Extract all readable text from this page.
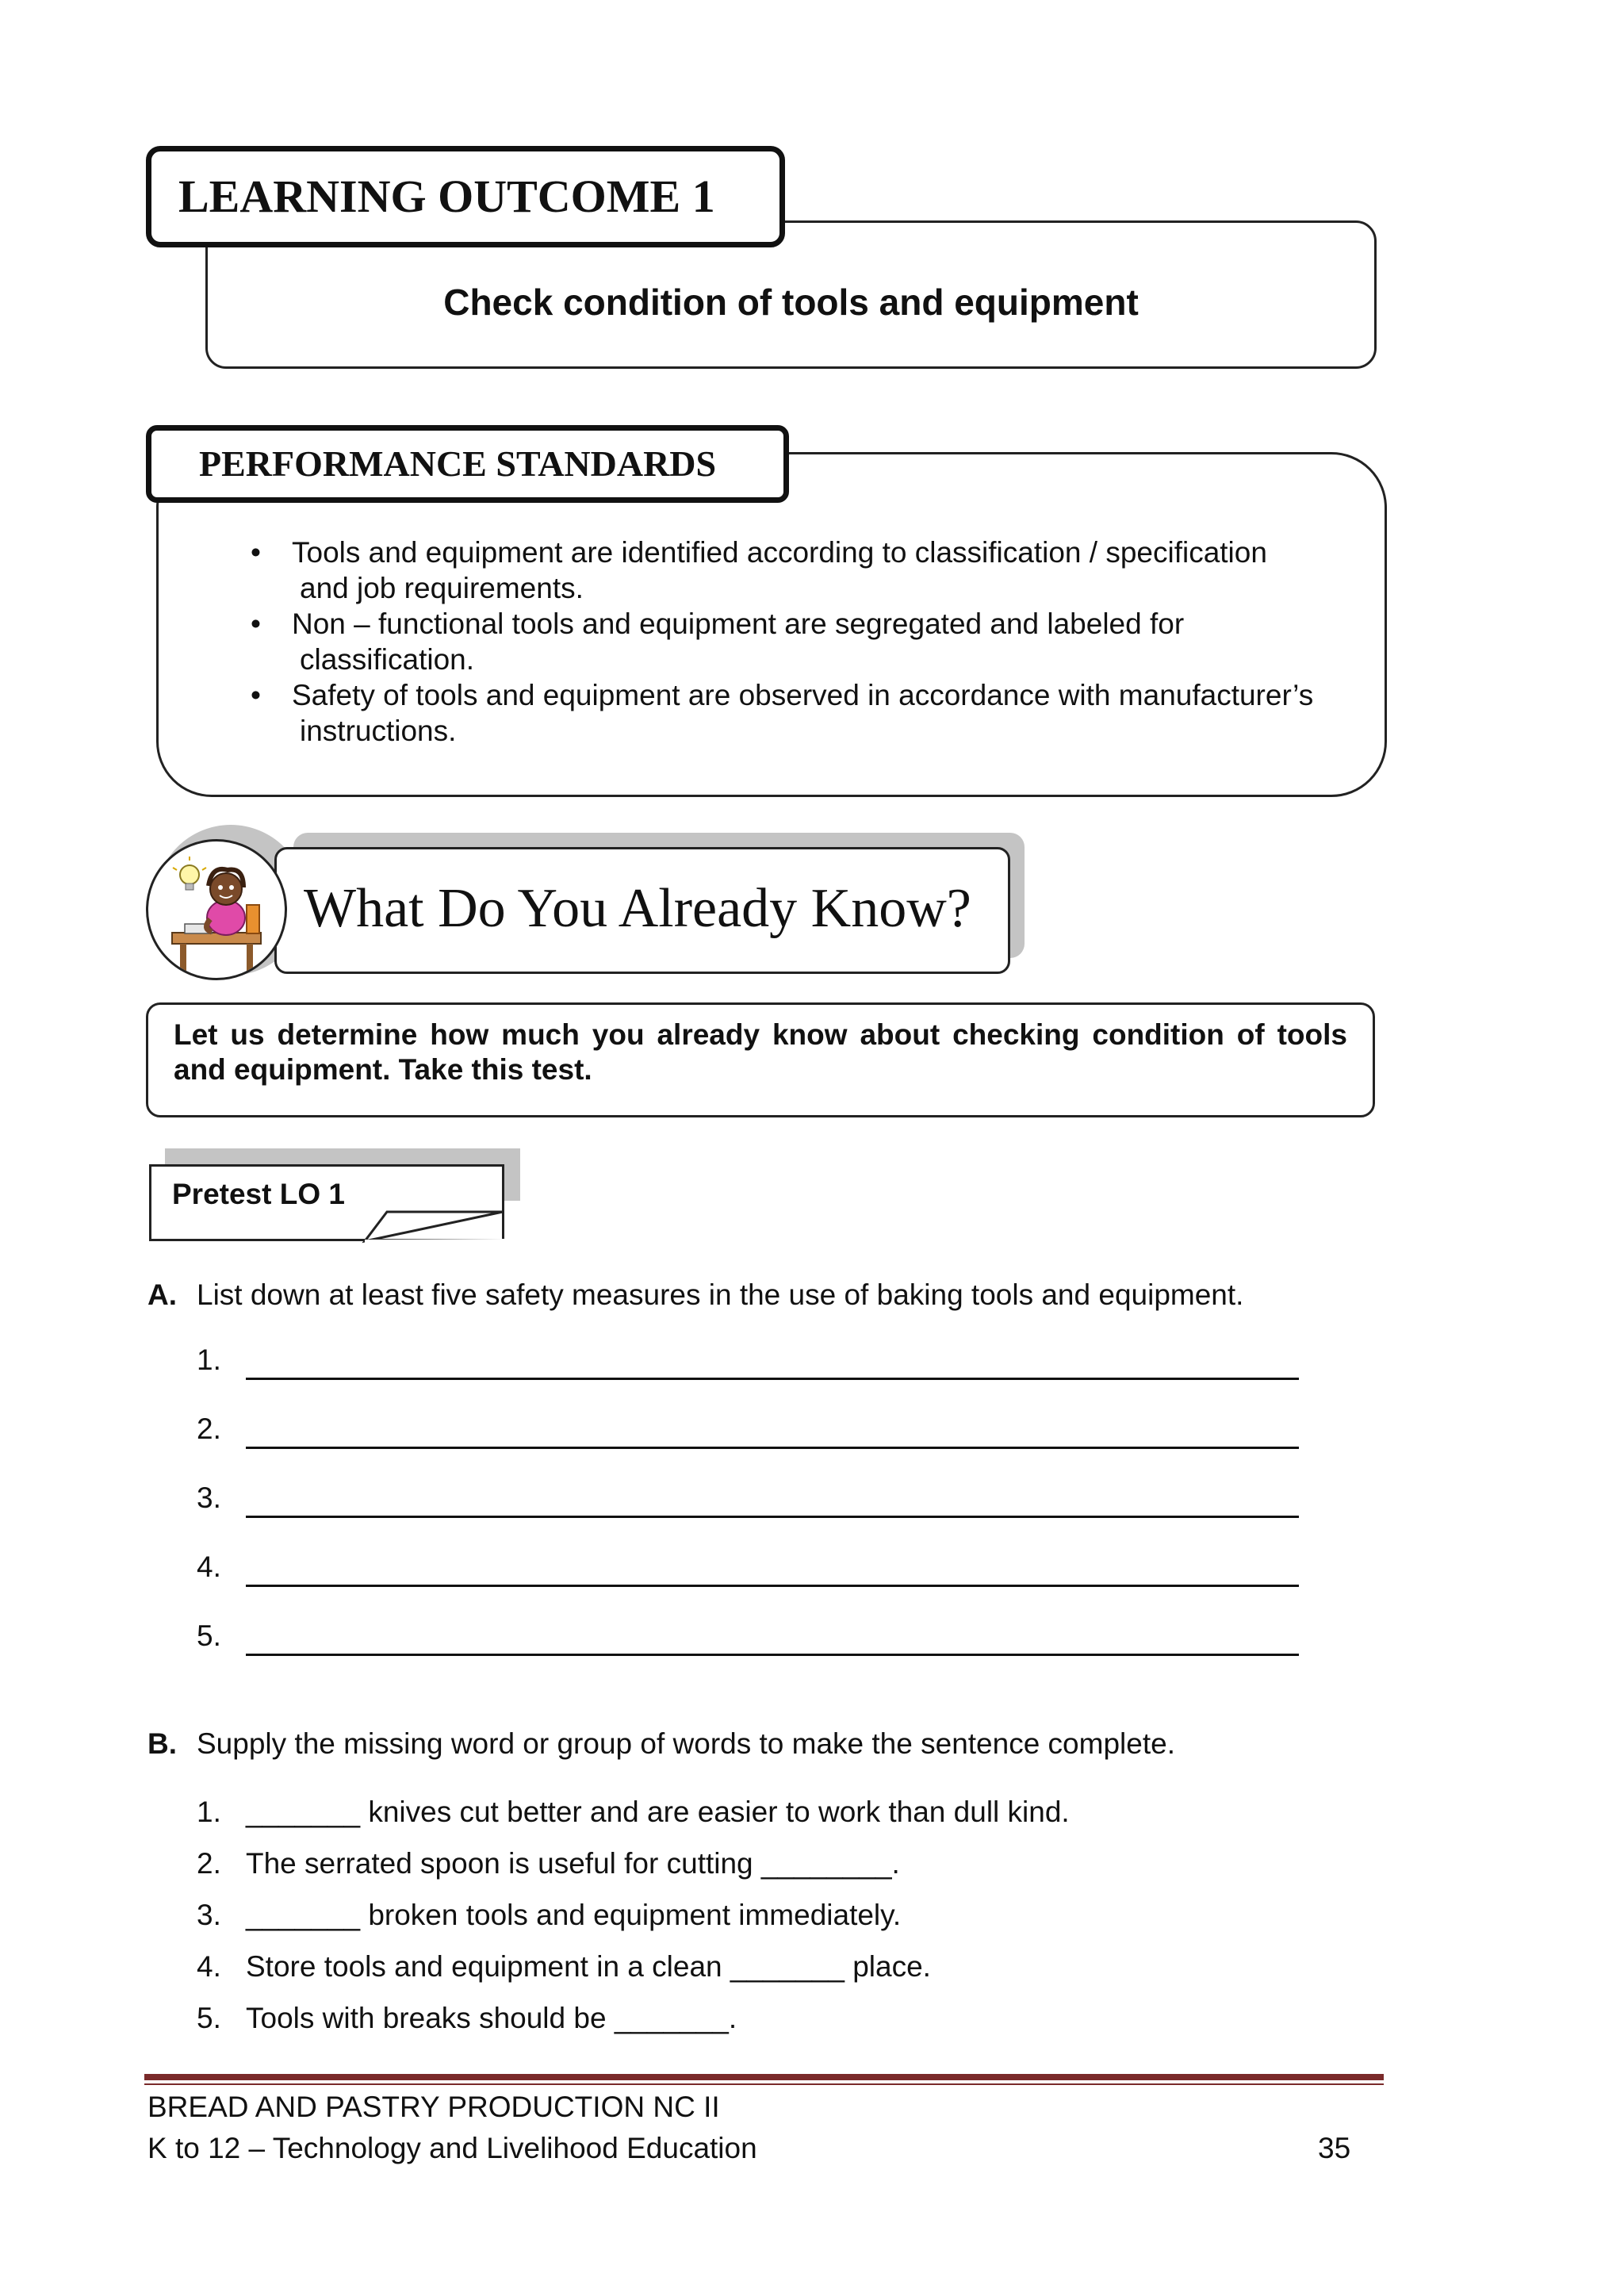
LEARNING OUTCOME 1
Check condition of tools and equipment
PERFORMANCE STANDARDS
• Tools and equipment are identified according to classification / specification
and job requirements.
• Non – functional tools and equipment are segregated and labeled for
classification.
• Safety of tools and equipment are observed in accordance with manufacturer’s
instructions.
What Do You Already Know?
Let us determine how much you already know about checking condition of tools and equipment. Take this test.
Pretest LO 1
A. List down at least five safety measures in the use of baking tools and equipment.
1.
2.
3.
4.
5.
B. Supply the missing word or group of words to make the sentence complete.
1. _______ knives cut better and are easier to work than dull kind.
2. The serrated spoon is useful for cutting ________.
3. _______ broken tools and equipment immediately.
4. Store tools and equipment in a clean _______ place.
5. Tools with breaks should be _______.
BREAD AND PASTRY PRODUCTION NC II
K to 12 – Technology and Livelihood Education	35
